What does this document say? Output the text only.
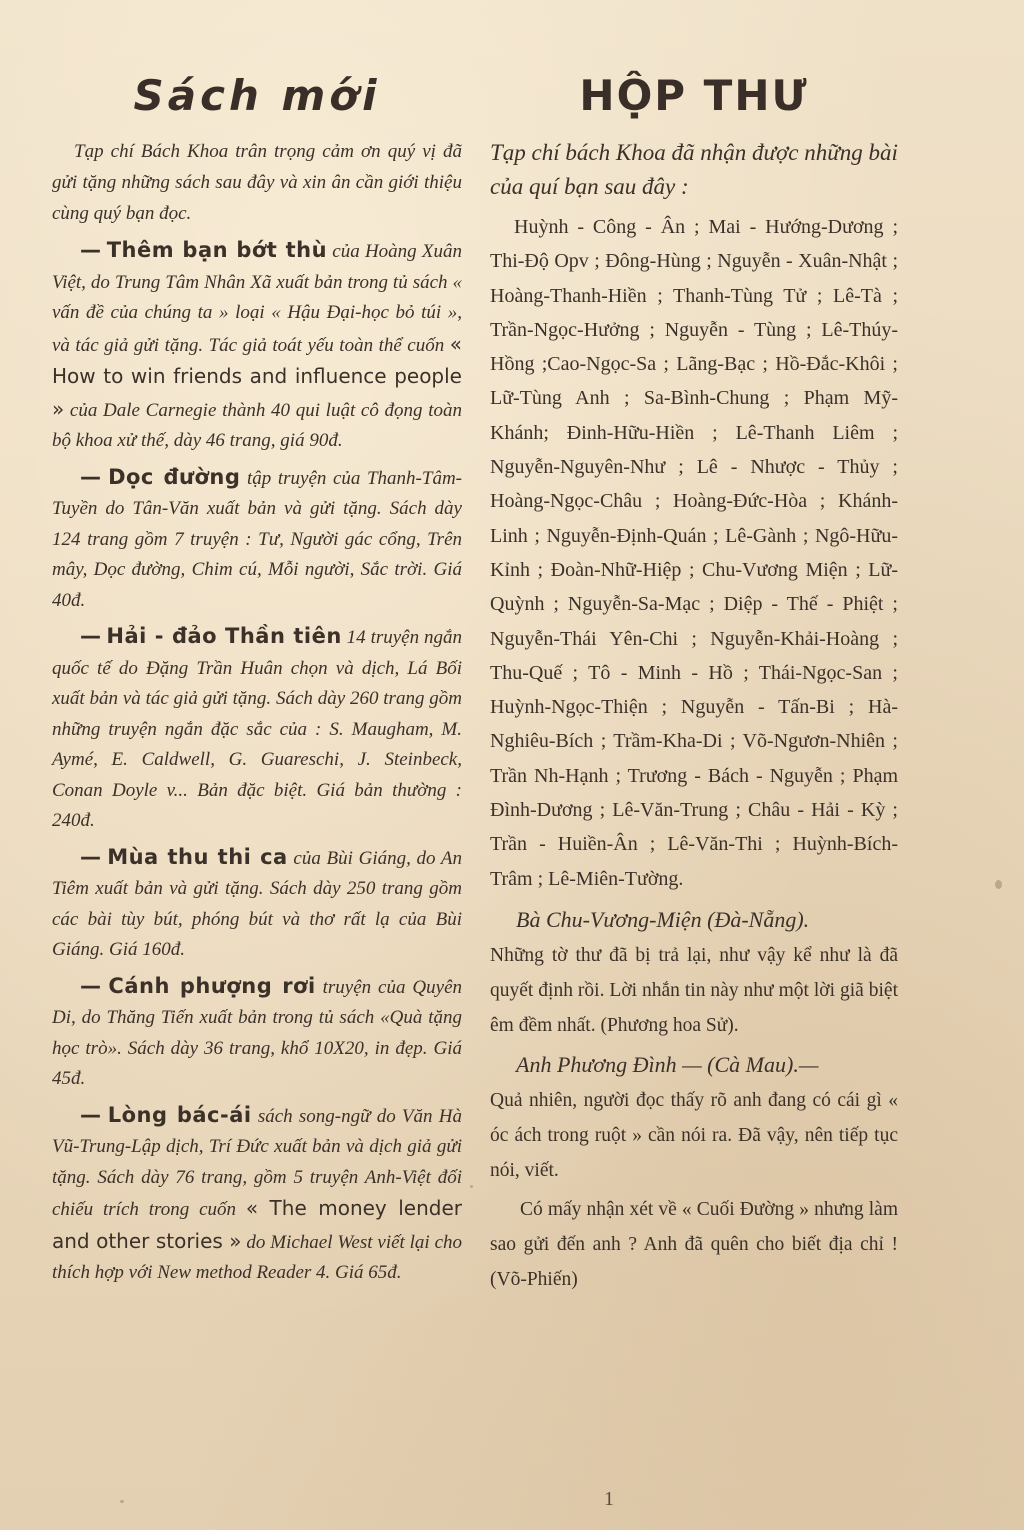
Sách mới

Tạp chí Bách Khoa trân trọng cảm ơn quý vị đã gửi tặng những sách sau đây và xin ân cần giới thiệu cùng quý bạn đọc.

— Thêm bạn bớt thù của Hoàng Xuân Việt, do Trung Tâm Nhân Xã xuất bản trong tủ sách « vấn đề của chúng ta » loại « Hậu Đại-học bỏ túi », và tác giả gửi tặng. Tác giả toát yếu toàn thể cuốn « How to win friends and influence people » của Dale Carnegie thành 40 qui luật cô đọng toàn bộ khoa xử thế, dày 46 trang, giá 90đ.

— Dọc đường tập truyện của Thanh-Tâm-Tuyền do Tân-Văn xuất bản và gửi tặng. Sách dày 124 trang gồm 7 truyện : Tư, Người gác cổng, Trên mây, Dọc đường, Chim cú, Mỗi người, Sắc trời. Giá 40đ.

— Hải - đảo Thần tiên 14 truyện ngắn quốc tế do Đặng Trần Huân chọn và dịch, Lá Bối xuất bản và tác giả gửi tặng. Sách dày 260 trang gồm những truyện ngắn đặc sắc của : S. Maugham, M. Aymé, E. Caldwell, G. Guareschi, J. Steinbeck, Conan Doyle v... Bản đặc biệt. Giá bản thường : 240đ.

— Mùa thu thi ca của Bùi Giáng, do An Tiêm xuất bản và gửi tặng. Sách dày 250 trang gồm các bài tùy bút, phóng bút và thơ rất lạ của Bùi Giáng. Giá 160đ.

— Cánh phượng rơi truyện của Quyên Di, do Thăng Tiến xuất bản trong tủ sách «Quà tặng học trò». Sách dày 36 trang, khổ 10X20, in đẹp. Giá 45đ.

— Lòng bác-ái sách song-ngữ do Văn Hà Vũ-Trung-Lập dịch, Trí Đức xuất bản và dịch giả gửi tặng. Sách dày 76 trang, gồm 5 truyện Anh-Việt đối chiếu trích trong cuốn « The money lender and other stories » do Michael West viết lại cho thích hợp với New method Reader 4. Giá 65đ.

HỘP THƯ

Tạp chí bách Khoa đã nhận được những bài của quí bạn sau đây :

Huỳnh - Công - Ân ; Mai - Hướng-Dương ; Thi-Độ Opv ; Đông-Hùng ; Nguyễn - Xuân-Nhật ; Hoàng-Thanh-Hiền ; Thanh-Tùng Tử ; Lê-Tà ; Trần-Ngọc-Hưởng ; Nguyễn - Tùng ; Lê-Thúy-Hồng ;Cao-Ngọc-Sa ; Lãng-Bạc ; Hồ-Đắc-Khôi ; Lữ-Tùng Anh ; Sa-Bình-Chung ; Phạm Mỹ-Khánh; Đinh-Hữu-Hiền ; Lê-Thanh Liêm ; Nguyễn-Nguyên-Như ; Lê - Nhược - Thủy ; Hoàng-Ngọc-Châu ; Hoàng-Đức-Hòa ; Khánh-Linh ; Nguyễn-Định-Quán ; Lê-Gành ; Ngô-Hữu-Kỉnh ; Đoàn-Nhữ-Hiệp ; Chu-Vương Miện ; Lữ-Quỳnh ; Nguyễn-Sa-Mạc ; Diệp - Thế - Phiệt ; Nguyễn-Thái Yên-Chi ; Nguyễn-Khải-Hoàng ; Thu-Quế ; Tô - Minh - Hồ ; Thái-Ngọc-San ; Huỳnh-Ngọc-Thiện ; Nguyễn - Tấn-Bi ; Hà-Nghiêu-Bích ; Trầm-Kha-Di ; Võ-Ngươn-Nhiên ; Trần Nh-Hạnh ; Trương - Bách - Nguyễn ; Phạm Đình-Dương ; Lê-Văn-Trung ; Châu - Hải - Kỳ ; Trần - Huiền-Ân ; Lê-Văn-Thi ; Huỳnh-Bích-Trâm ; Lê-Miên-Tường.

Bà Chu-Vương-Miện (Đà-Nẵng).
Những tờ thư đã bị trả lại, như vậy kể như là đã quyết định rồi. Lời nhắn tin này như một lời giã biệt êm đềm nhất. (Phương hoa Sử).
Anh Phương Đình — (Cà Mau).—
Quả nhiên, người đọc thấy rõ anh đang có cái gì « óc ách trong ruột » cần nói ra. Đã vậy, nên tiếp tục nói, viết.

Có mấy nhận xét về « Cuối Đường » nhưng làm sao gửi đến anh ? Anh đã quên cho biết địa chỉ ! (Võ-Phiến)

1
